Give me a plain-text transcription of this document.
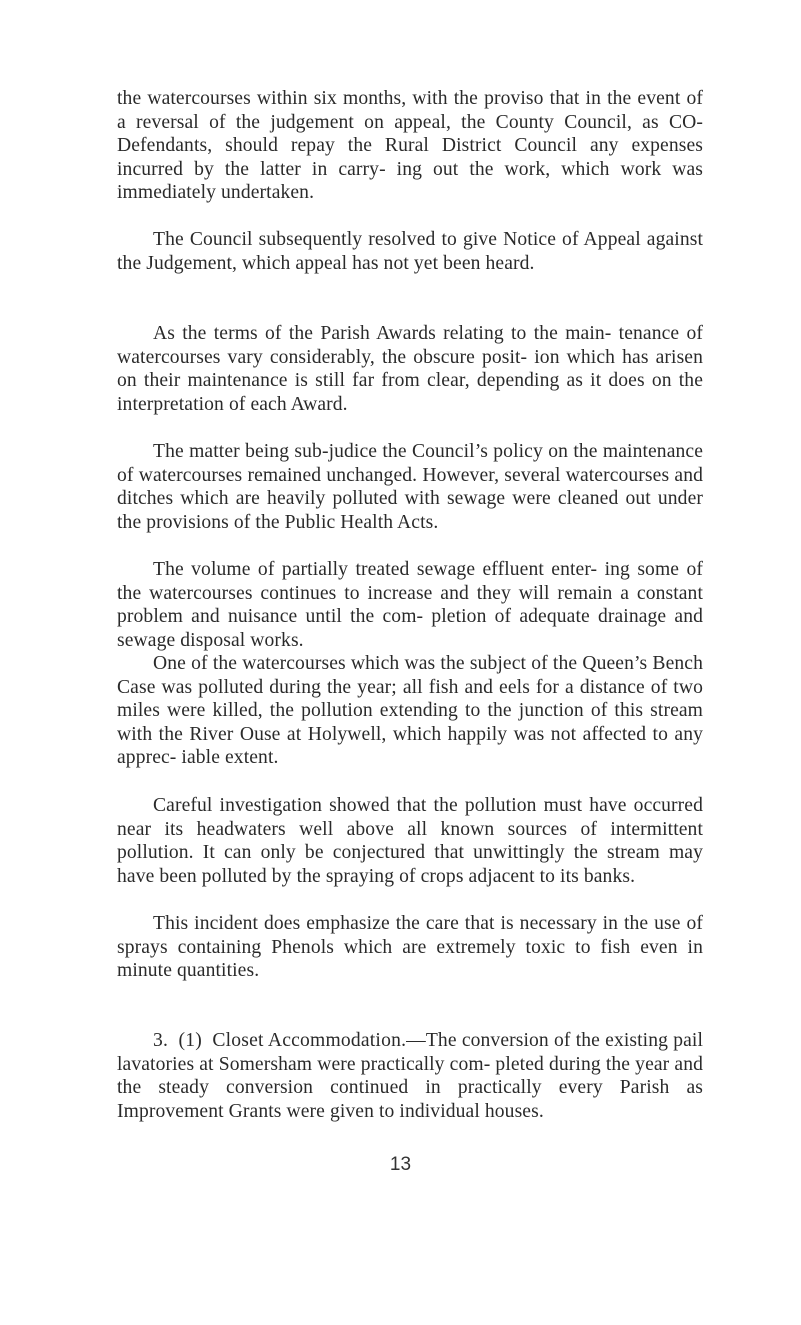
the watercourses within six months, with the proviso that in the event of a reversal of the judgement on appeal, the County Council, as CO-Defendants, should repay the Rural District Council any expenses incurred by the latter in carry- ing out the work, which work was immediately undertaken.

The Council subsequently resolved to give Notice of Appeal against the Judgement, which appeal has not yet been heard.

As the terms of the Parish Awards relating to the main- tenance of watercourses vary considerably, the obscure posit- ion which has arisen on their maintenance is still far from clear, depending as it does on the interpretation of each Award.

The matter being sub-judice the Council’s policy on the maintenance of watercourses remained unchanged. However, several watercourses and ditches which are heavily polluted with sewage were cleaned out under the provisions of the Public Health Acts.

The volume of partially treated sewage effluent enter- ing some of the watercourses continues to increase and they will remain a constant problem and nuisance until the com- pletion of adequate drainage and sewage disposal works.

One of the watercourses which was the subject of the Queen’s Bench Case was polluted during the year; all fish and eels for a distance of two miles were killed, the pollution extending to the junction of this stream with the River Ouse at Holywell, which happily was not affected to any apprec- iable extent.

Careful investigation showed that the pollution must have occurred near its headwaters well above all known sources of intermittent pollution. It can only be conjectured that unwittingly the stream may have been polluted by the spraying of crops adjacent to its banks.

This incident does emphasize the care that is necessary in the use of sprays containing Phenols which are extremely toxic to fish even in minute quantities.

3. (1) Closet Accommodation.—The conversion of the existing pail lavatories at Somersham were practically com- pleted during the year and the steady conversion continued in practically every Parish as Improvement Grants were given to individual houses.

13
